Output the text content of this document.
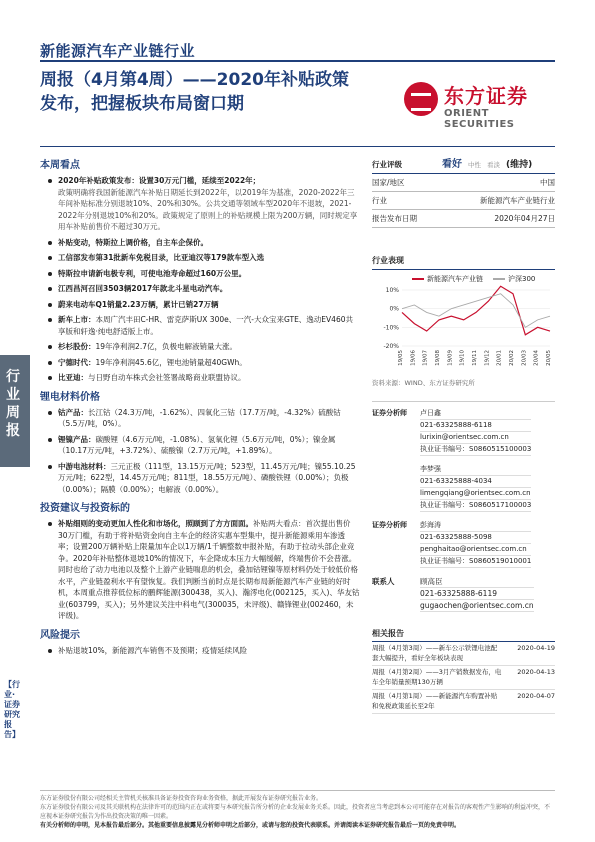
新能源汽车产业链行业
周报（4月第4周）——2020年补贴政策发布，把握板块布局窗口期	东方证券
ORIENT SECURITIES
行业周报
【行业·证券研究报告】
本周看点
2020年补贴政策发布：设置30万元门槛，延续至2022年；
政策明确将我国新能源汽车补贴日期延长到2022年，以2019年为基准，2020-2022年三年间补贴标准分别退坡10%、20%和30%。公共交通等领域车型2020年不退坡，2021-2022年分别退坡10%和20%。政策规定了原则上的补贴规模上限为200万辆，同时规定享用车补贴前售价不超过30万元。
补贴变动，特斯拉上调价格，自主车企保价。
工信部发布第31批新车免税目录，比亚迪汉等179款车型入选
特斯拉申请新电极专利，可使电池寿命超过160万公里。
江西昌河召回3503辆2017年款北斗星电动汽车。
蔚来电动车Q1销量2.23万辆，累计已销27万辆
新车上市：本周广汽丰田C-HR、雷克萨斯UX 300e、一汽-大众宝来GTE、逸动EV460共享版和轩逸·纯电舒适版上市。
杉杉股份：19年净利润2.7亿，负极电解液销量大涨。
宁德时代：19年净利润45.6亿，锂电池销量超40GWh。
比亚迪：与日野自动车株式会社签署战略商业联盟协议。
锂电材料价格
钴产品：长江钴（24.3万/吨，-1.62%）、四氧化三钴（17.7万/吨，-4.32%）硫酸钴（5.5万/吨，0%）。
锂镍产品：碳酸锂（4.6万元/吨，-1.08%）、氢氧化锂（5.6万元/吨，0%）；镍金属（10.17万元/吨，+3.72%）、硫酸镍（2.7万元/吨，+1.89%）。
中游电池材料：三元正极（111型，13.15万元/吨；523型，11.45万元/吨；镍55.10.25万元/吨；622型，14.45万元/吨；811型，18.55万元/吨）、磷酸铁锂（0.00%）；负极（0.00%）；隔膜（0.00%）；电解液（0.00%）。
投资建议与投资标的
补贴细则的变动更加人性化和市场化，照顾到了方方面面。补贴两大看点：首次提出售价30万门槛，有助于将补贴资金向自主车企的经济实惠车型集中，提升新能源乘用车渗透率；设置200万辆补贴上限量加车企以1万辆/1千辆整数申报补贴，有助于拉动头部企业竞争。2020年补贴整体退坡10%的情况下，车企降成本压力大幅缓解，终端售价不会普涨。同时也给了动力电池以及整个上游产业链喘息的机会，叠加钴锂镍等原材料仍处于较低价格水平，产业链盈利水平有望恢复。我们判断当前时点是长期布局新能源汽车产业链的好时机，本周重点推荐低位标的鹏辉能源(300438，买入)、瀚澪电化(002125，买入)、华友钴业(603799，买入)；另外建议关注中科电气(300035，未评级)、赣锋锂业(002460，未评级)。
风险提示
补贴退坡10%，新能源汽车销售不及预期；疫情延续风险
行业评级	看好 中性 看淡 (维持)
国家/地区	中国
行业	新能源汽车产业链行业
报告发布日期	2020年04月27日
行业表现
新能源汽车产业链	沪深300
10%
0%
-10%
-20%
19/05 19/06 19/07 19/08 19/09 19/10 19/11 19/12 20/01 20/02 20/03 20/04 20/05
资料来源：WIND、东方证券研究所
证券分析师	卢日鑫
021-63325888-6118
lurixin@orientsec.com.cn
执业证书编号：S0860515100003
李梦强
021-63325888-4034
limengqiang@orientsec.com.cn
执业证书编号：S0860517100003
证券分析师	彭海涛
021-63325888-5098
penghaitao@orientsec.com.cn
执业证书编号：S0860519010001
联系人	顾高臣
021-63325888-6119
gugaochen@orientsec.com.cn
相关报告
周报（4月第3周）——新车公示铁锂电池配套大幅提升，看好全年板块表现
2020-04-19
周报（4月第2周）——3月产销数据发布，电车全年销量预期130万辆
2020-04-13
周报（4月第1周）——新能源汽车购置补贴和免税政策延长至2年
2020-04-07
东方证券股份有限公司经相关主管机关核准具备证券投资咨询业务资格，据此开展发布证券研究报告业务。
东方证券股份有限公司及其关联机构在法律许可的范围内正在或将要与本研究报告所分析的企业发展业务关系。因此，投资者应当考虑到本公司可能存在对报告的客观性产生影响的利益冲突，不应视本证券研究报告为作出投资决策的唯一因素。
有关分析师的申明，见本报告最后部分。其他重要信息披露见分析师申明之后部分，或请与您的投资代表联系。并请阅读本证券研究报告最后一页的免责申明。
